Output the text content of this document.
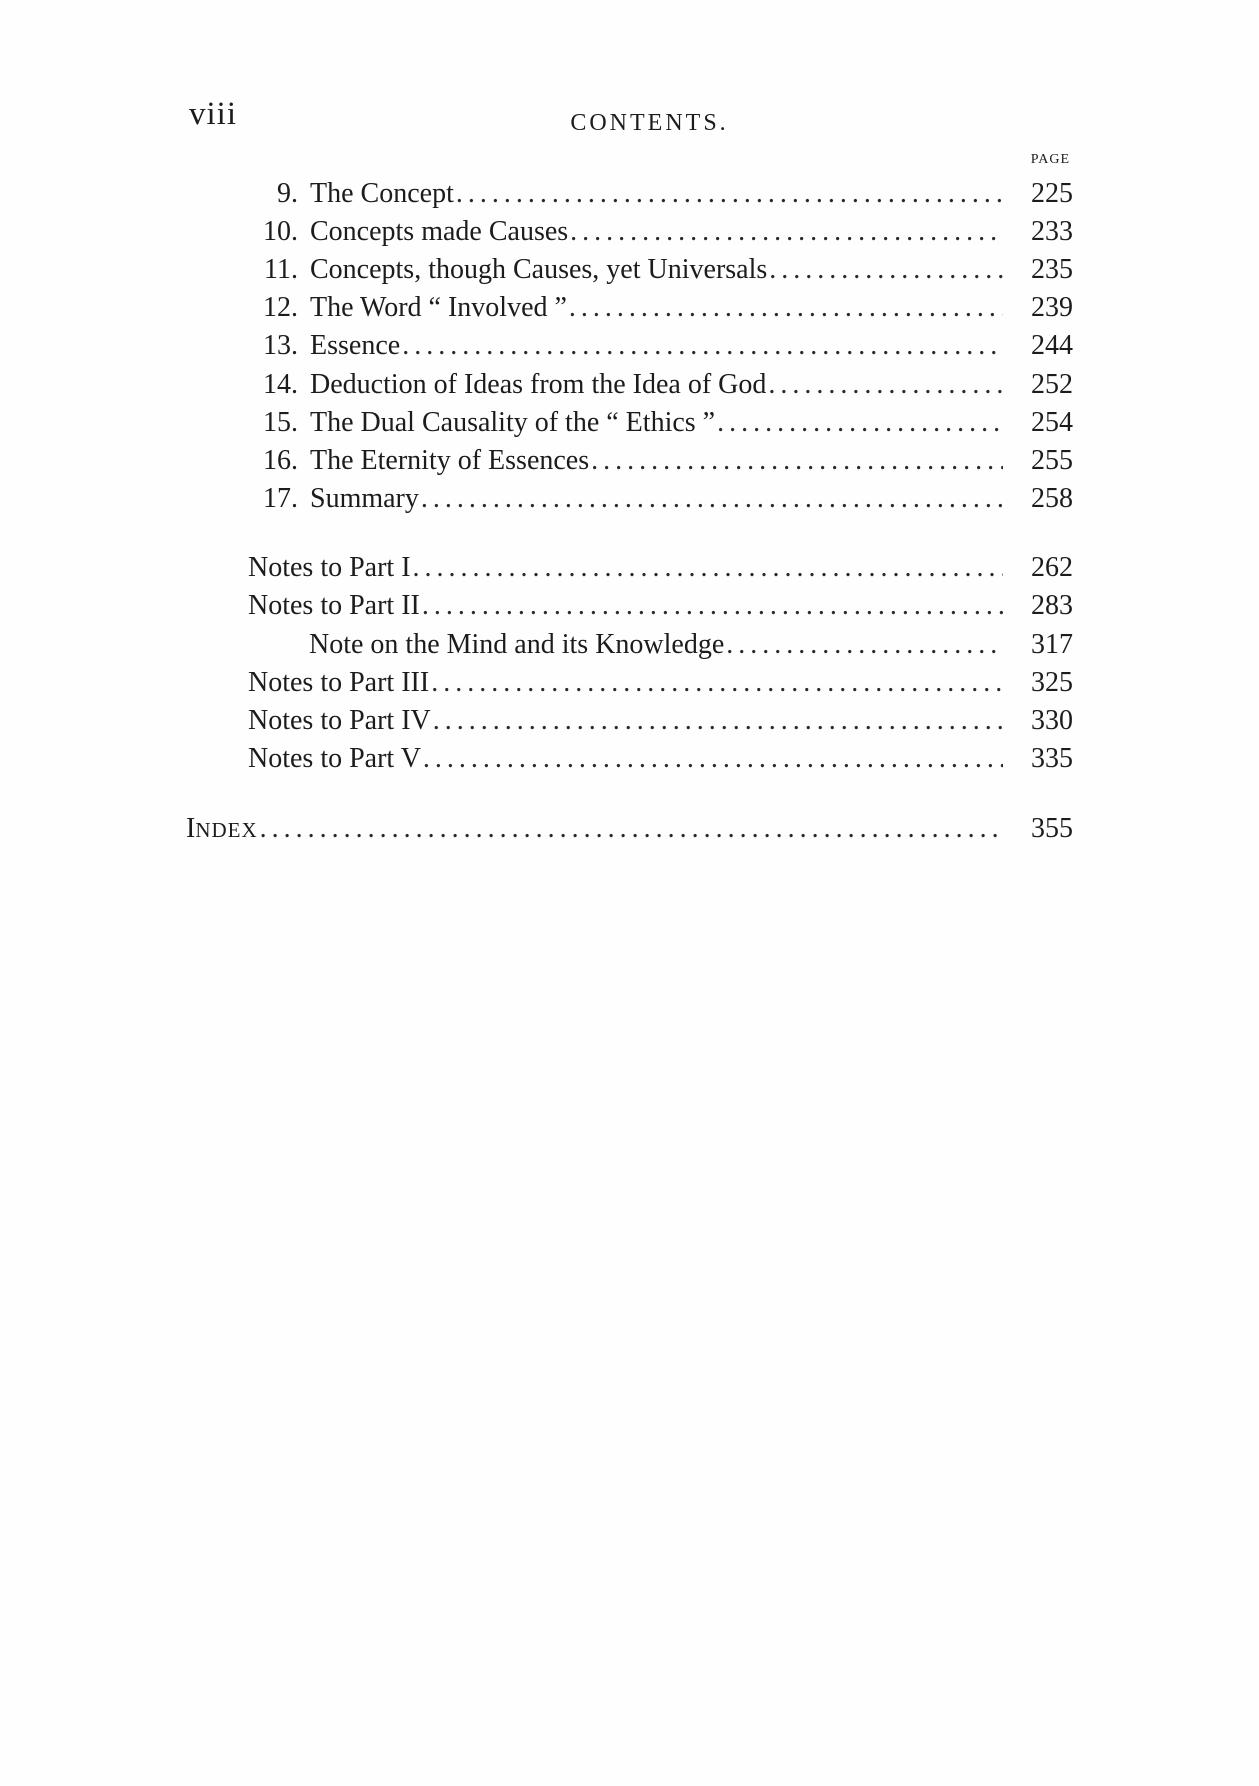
viii	CONTENTS.
PAGE
9. The Concept . . .	225
10. Concepts made Causes . . .	233
11. Concepts, though Causes, yet Universals . . .	235
12. The Word “ Involved ” . . .	239
13. Essence . . .	244
14. Deduction of Ideas from the Idea of God . . .	252
15. The Dual Causality of the “ Ethics ” . . .	254
16. The Eternity of Essences . . .	255
17. Summary . . .	258
Notes to Part I . . .	262
Notes to Part II . . .	283
Note on the Mind and its Knowledge . . .	317
Notes to Part III . . .	325
Notes to Part IV . . .	330
Notes to Part V . . .	335
INDEX . . .	355
